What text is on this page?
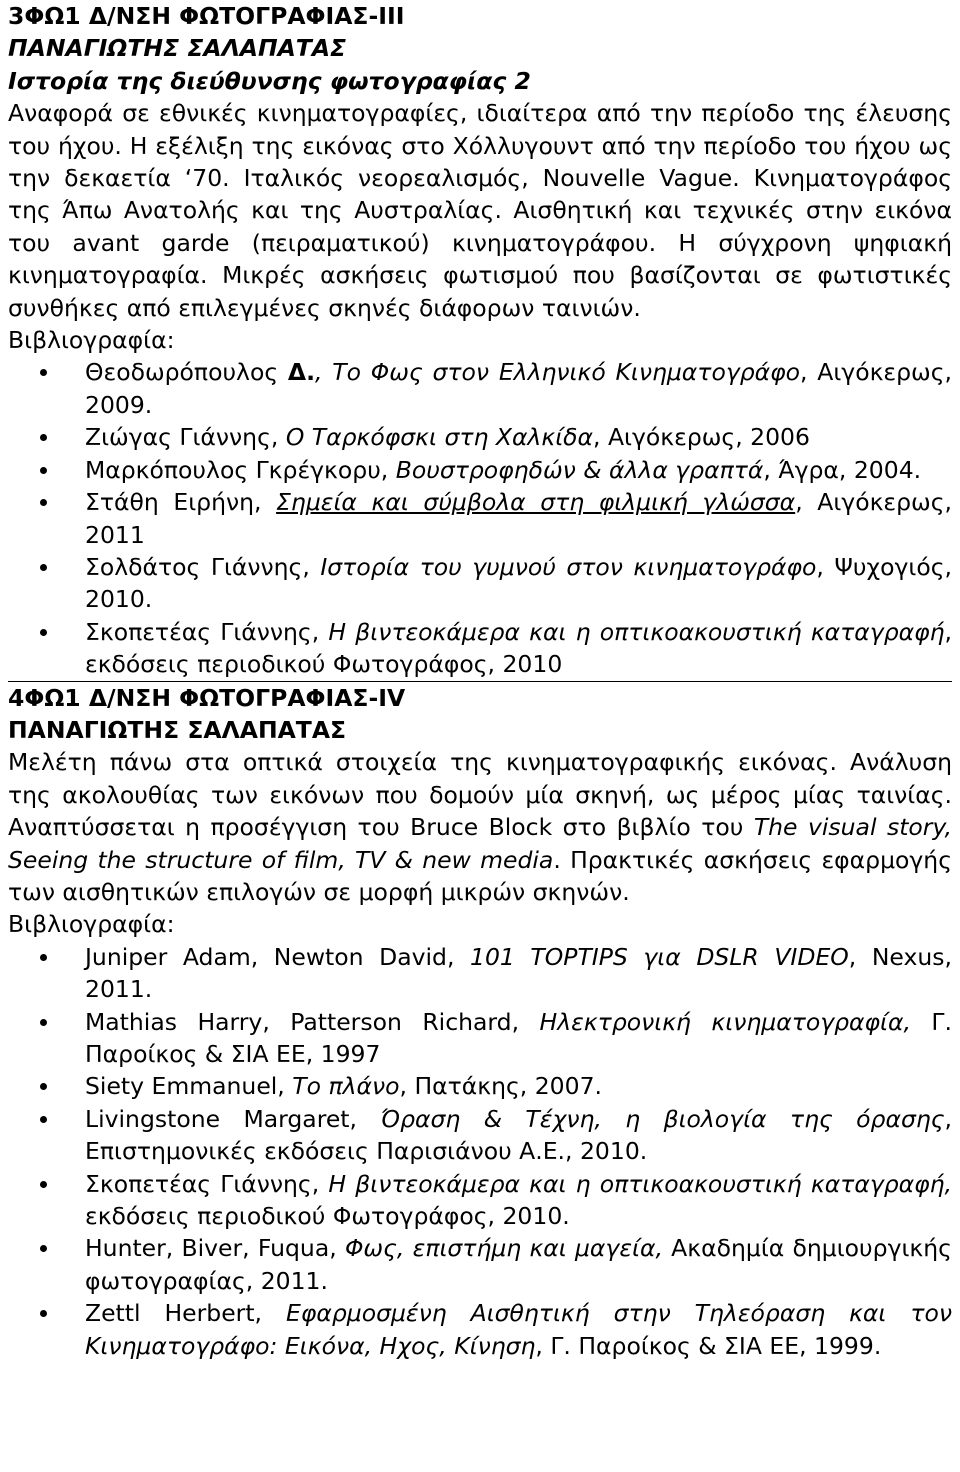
3ΦΩ1 Δ/ΝΣΗ ΦΩΤΟΓΡΑΦΙΑΣ-ΙΙΙ
ΠΑΝΑΓΙΩΤΗΣ ΣΑΛΑΠΑΤΑΣ
Ιστορία της διεύθυνσης φωτογραφίας 2

Αναφορά σε εθνικές κινηματογραφίες, ιδιαίτερα από την περίοδο της έλευσης του ήχου. Η εξέλιξη της εικόνας στο Χόλλυγουντ από την περίοδο του ήχου ως την δεκαετία ‘70. Ιταλικός νεορεαλισμός, Nouvelle Vague. Κινηματογράφος της Άπω Ανατολής και της Αυστραλίας. Αισθητική και τεχνικές στην εικόνα του avant garde (πειραματικού) κινηματογράφου. Η σύγχρονη ψηφιακή κινηματογραφία. Μικρές ασκήσεις φωτισμού που βασίζονται σε φωτιστικές συνθήκες από επιλεγμένες σκηνές διάφορων ταινιών.

Βιβλιογραφία:
Θεοδωρόπουλος Δ., Το Φως στον Ελληνικό Κινηματογράφο, Αιγόκερως, 2009.
Ζιώγας Γιάννης, Ο Ταρκόφσκι στη Χαλκίδα, Αιγόκερως, 2006
Μαρκόπουλος Γκρέγκορυ, Βουστροφηδών & άλλα γραπτά, Άγρα, 2004.
Στάθη Ειρήνη, Σημεία και σύμβολα στη φιλμική γλώσσα, Αιγόκερως, 2011
Σολδάτος Γιάννης, Ιστορία του γυμνού στον κινηματογράφο, Ψυχογιός, 2010.
Σκοπετέας Γιάννης, Η βιντεοκάμερα και η οπτικοακουστική καταγραφή, εκδόσεις περιοδικού Φωτογράφος, 2010
4ΦΩ1 Δ/ΝΣΗ ΦΩΤΟΓΡΑΦΙΑΣ-IV
ΠΑΝΑΓΙΩΤΗΣ ΣΑΛΑΠΑΤΑΣ

Μελέτη πάνω στα οπτικά στοιχεία της κινηματογραφικής εικόνας. Ανάλυση της ακολουθίας των εικόνων που δομούν μία σκηνή, ως μέρος μίας ταινίας. Αναπτύσσεται η προσέγγιση του Bruce Block στο βιβλίο του The visual story, Seeing the structure of film, TV & new media. Πρακτικές ασκήσεις εφαρμογής των αισθητικών επιλογών σε μορφή μικρών σκηνών.

Βιβλιογραφία:
Juniper Adam, Newton David, 101 TOPTIPS για DSLR VIDEO, Nexus, 2011.
Mathias Harry, Patterson Richard, Ηλεκτρονική κινηματογραφία, Γ. Παροίκος & ΣΙΑ ΕΕ, 1997
Siety Emmanuel, Το πλάνο, Πατάκης, 2007.
Livingstone Margaret, Όραση & Τέχνη, η βιολογία της όρασης, Επιστημονικές εκδόσεις Παρισιάνου Α.Ε., 2010.
Σκοπετέας Γιάννης, Η βιντεοκάμερα και η οπτικοακουστική καταγραφή, εκδόσεις περιοδικού Φωτογράφος, 2010.
Hunter, Biver, Fuqua, Φως, επιστήμη και μαγεία, Ακαδημία δημιουργικής φωτογραφίας, 2011.
Zettl Herbert, Εφαρμοσμένη Αισθητική στην Τηλεόραση και τον Κινηματογράφο: Εικόνα, Ηχος, Κίνηση, Γ. Παροίκος & ΣΙΑ ΕΕ, 1999.
